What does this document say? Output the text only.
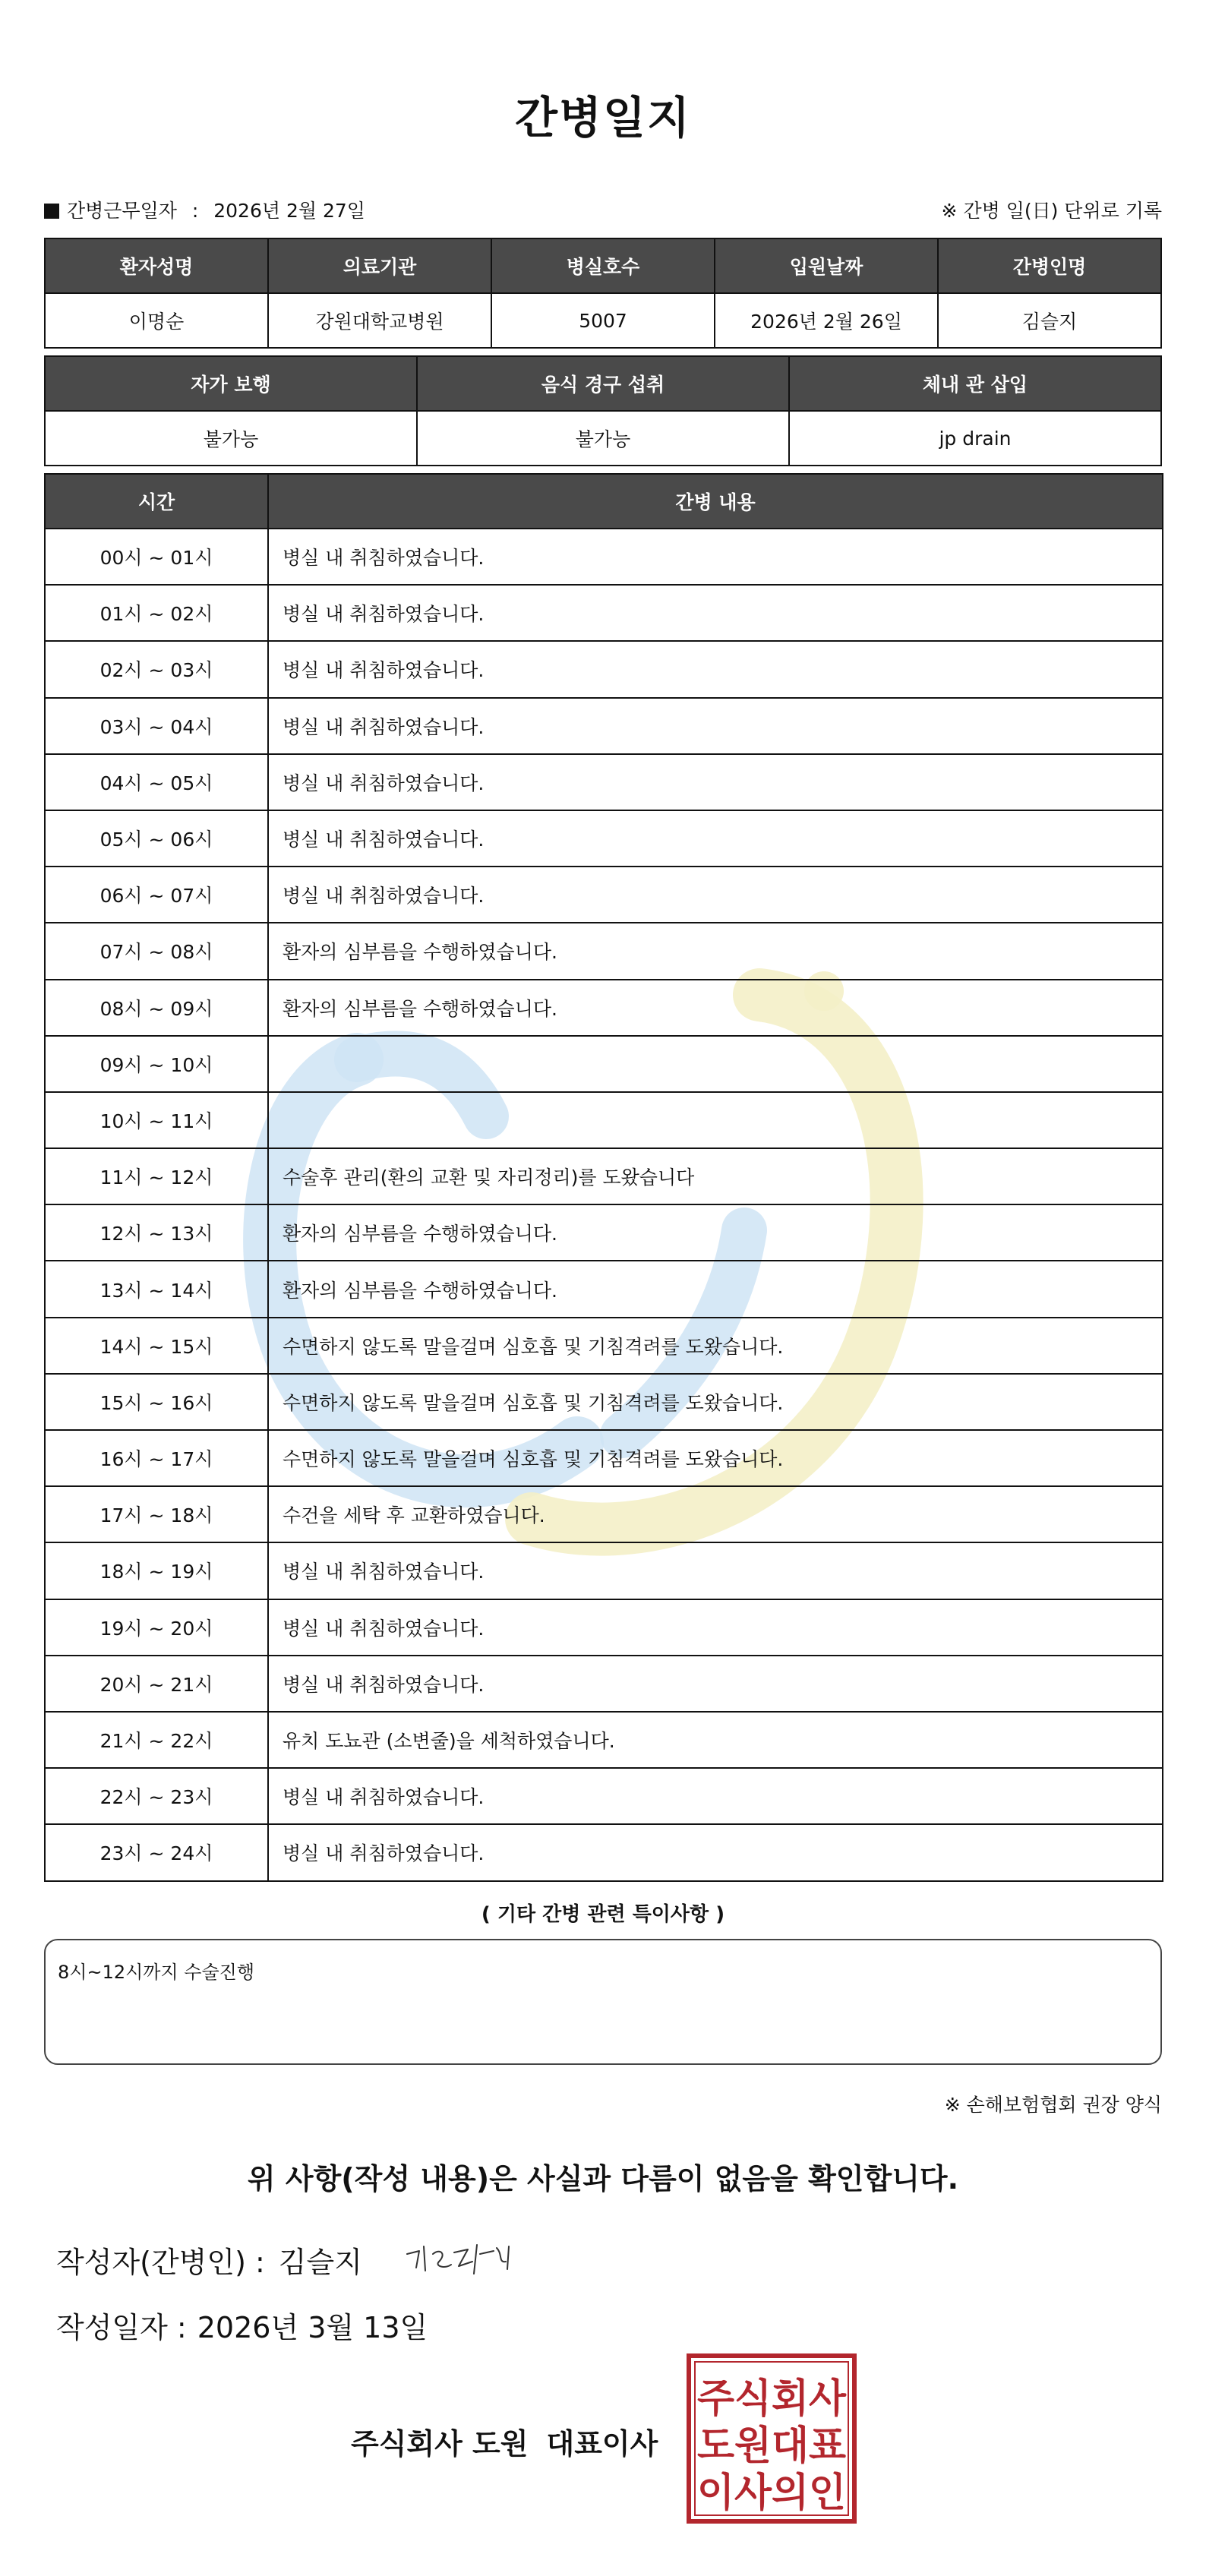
간병일지
간병근무일자 : 2026년 2월 27일	※ 간병 일(日) 단위로 기록
환자성명	의료기관	병실호수	입원날짜	간병인명
이명순	강원대학교병원	5007	2026년 2월 26일	김슬지
자가 보행	음식 경구 섭취	체내 관 삽입
불가능	불가능	jp drain
시간	간병 내용
00시 ~ 01시	병실 내 취침하였습니다.
01시 ~ 02시	병실 내 취침하였습니다.
02시 ~ 03시	병실 내 취침하였습니다.
03시 ~ 04시	병실 내 취침하였습니다.
04시 ~ 05시	병실 내 취침하였습니다.
05시 ~ 06시	병실 내 취침하였습니다.
06시 ~ 07시	병실 내 취침하였습니다.
07시 ~ 08시	환자의 심부름을 수행하였습니다.
08시 ~ 09시	환자의 심부름을 수행하였습니다.
09시 ~ 10시	
10시 ~ 11시	
11시 ~ 12시	수술후 관리(환의 교환 및 자리정리)를 도왔습니다
12시 ~ 13시	환자의 심부름을 수행하였습니다.
13시 ~ 14시	환자의 심부름을 수행하였습니다.
14시 ~ 15시	수면하지 않도록 말을걸며 심호흡 및 기침격려를 도왔습니다.
15시 ~ 16시	수면하지 않도록 말을걸며 심호흡 및 기침격려를 도왔습니다.
16시 ~ 17시	수면하지 않도록 말을걸며 심호흡 및 기침격려를 도왔습니다.
17시 ~ 18시	수건을 세탁 후 교환하였습니다.
18시 ~ 19시	병실 내 취침하였습니다.
19시 ~ 20시	병실 내 취침하였습니다.
20시 ~ 21시	병실 내 취침하였습니다.
21시 ~ 22시	유치 도뇨관 (소변줄)을 세척하였습니다.
22시 ~ 23시	병실 내 취침하였습니다.
23시 ~ 24시	병실 내 취침하였습니다.
( 기타 간병 관련 특이사항 )
8시~12시까지 수술진행
※ 손해보험협회 권장 양식
위 사항(작성 내용)은 사실과 다름이 없음을 확인합니다.
작성자(간병인) : 김슬지
작성일자 : 2026년 3월 13일
주식회사 도원 대표이사
주식회사
도원대표
이사의인
